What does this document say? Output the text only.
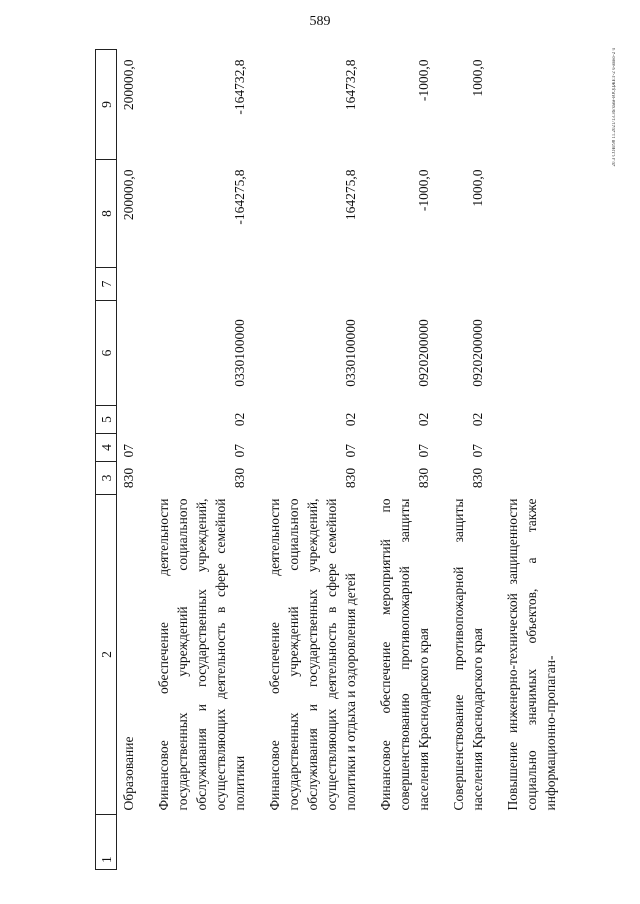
589
20.3 СОВ/98 11.2021/13.36/хмм-ЮОДЖЕТ-2 ч-явно-2 ч
1	2	3	4	5	6	7	8	9
	Образование	830	07				200000,0	200000,0

	Финансовое обеспечение деятельности государственных учреждений социального обслуживания и государственных учреждений, осуществляющих деятельность в сфере семейной политики	830	07	02	0330100000		-164275,8	-164732,8

	Финансовое обеспечение деятельности государственных учреждений социального обслуживания и государственных учреждений, осуществляющих деятельность в сфере семейной политики и отдыха и оздоровления детей	830	07	02	0330100000		164275,8	164732,8

	Финансовое обеспечение мероприятий по совершенствованию противопожарной защиты населения Краснодарского края	830	07	02	0920200000		-1000,0	-1000,0

	Совершенствование противопожарной защиты населения Краснодарского края	830	07	02	0920200000		1000,0	1000,0

	Повышение инженерно-технической защищенности социально значимых объектов, а также информационно-пропаган-							
